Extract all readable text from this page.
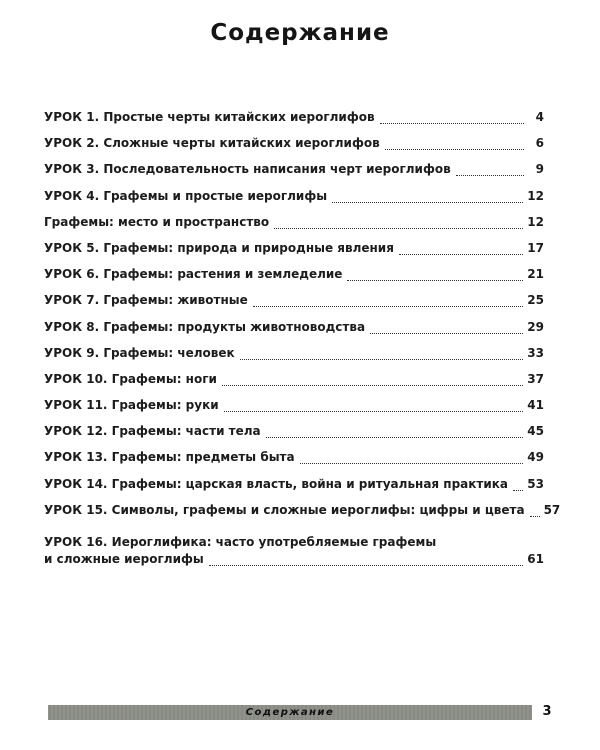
Содержание
УРОК 1. Простые черты китайских иероглифов	4
УРОК 2. Сложные черты китайских иероглифов	6
УРОК 3. Последовательность написания черт иероглифов	9
УРОК 4. Графемы и простые иероглифы	12
Графемы: место и пространство	12
УРОК 5. Графемы: природа и природные явления	17
УРОК 6. Графемы: растения и земледелие	21
УРОК 7. Графемы: животные	25
УРОК 8. Графемы: продукты животноводства	29
УРОК 9. Графемы: человек	33
УРОК 10. Графемы: ноги	37
УРОК 11. Графемы: руки	41
УРОК 12. Графемы: части тела	45
УРОК 13. Графемы: предметы быта	49
УРОК 14. Графемы: царская власть, война и ритуальная практика 53
УРОК 15. Символы, графемы и сложные иероглифы: цифры и цвета 57
УРОК 16. Иероглифика: часто употребляемые графемы
и сложные иероглифы	61
Содержание	3
